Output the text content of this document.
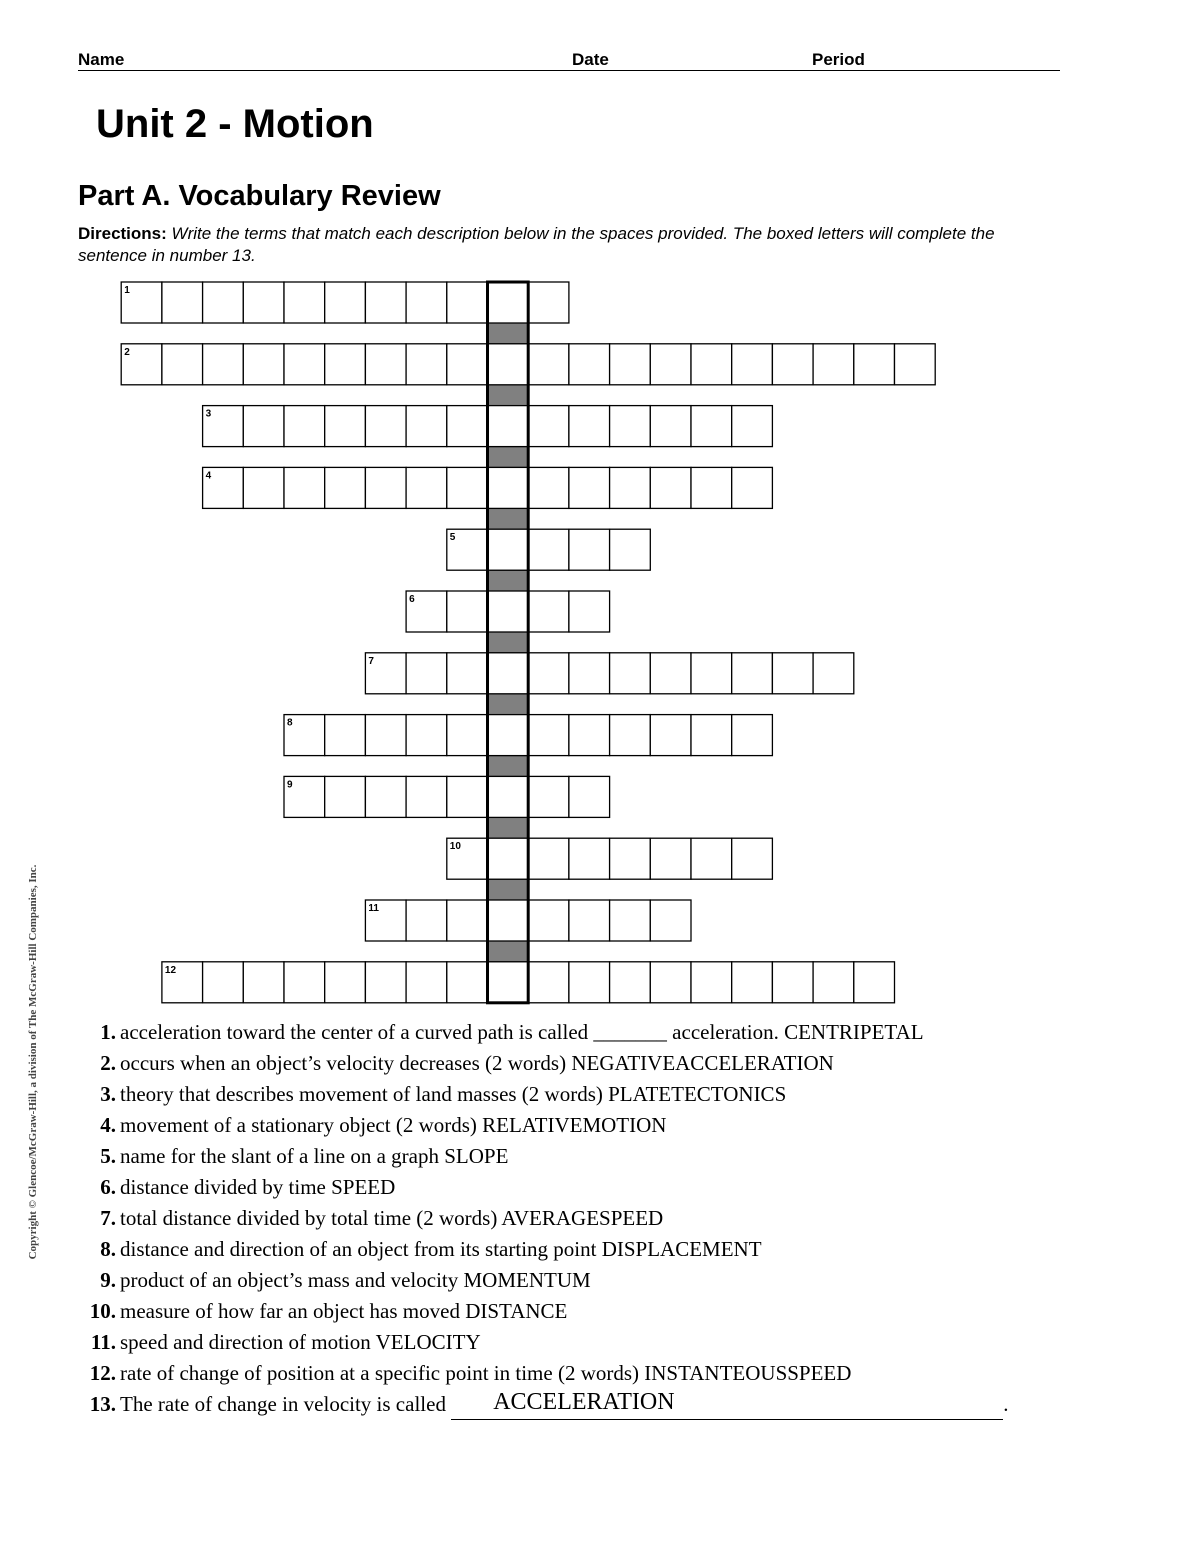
Name	Date	Period
Unit 2 - Motion
Part A. Vocabulary Review
Directions: Write the terms that match each description below in the spaces provided. The boxed letters will complete the sentence in number 13.
1
2
3
4
5
6
7
8
9
10
11
12
1. acceleration toward the center of a curved path is called _______ acceleration. CENTRIPETAL
2. occurs when an object’s velocity decreases (2 words) NEGATIVEACCELERATION
3. theory that describes movement of land masses (2 words) PLATETECTONICS
4. movement of a stationary object (2 words) RELATIVEMOTION
5. name for the slant of a line on a graph SLOPE
6. distance divided by time SPEED
7. total distance divided by total time (2 words) AVERAGESPEED
8. distance and direction of an object from its starting point DISPLACEMENT
9. product of an object’s mass and velocity MOMENTUM
10. measure of how far an object has moved DISTANCE
11. speed and direction of motion VELOCITY
12. rate of change of position at a specific point in time (2 words) INSTANTEOUSSPEED
13. The rate of change in velocity is called ACCELERATION	.
Copyright © Glencoe/McGraw-Hill, a division of The McGraw-Hill Companies, Inc.
